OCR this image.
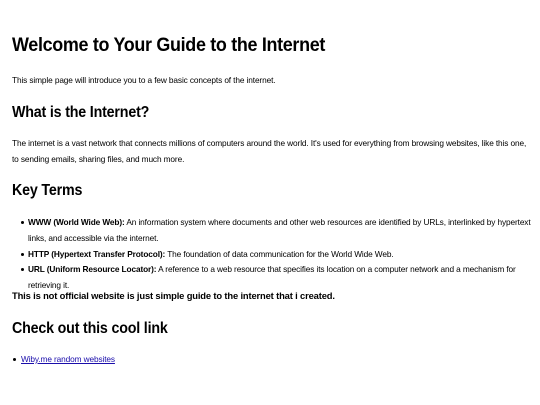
Welcome to Your Guide to the Internet

This simple page will introduce you to a few basic concepts of the internet.

What is the Internet?

The internet is a vast network that connects millions of computers around the world. It's used for everything from browsing websites, like this one, to sending emails, sharing files, and much more.

Key Terms
WWW (World Wide Web): An information system where documents and other web resources are identified by URLs, interlinked by hypertext links, and accessible via the internet.
HTTP (Hypertext Transfer Protocol): The foundation of data communication for the World Wide Web.
URL (Uniform Resource Locator): A reference to a web resource that specifies its location on a computer network and a mechanism for retrieving it.

This is not official website is just simple guide to the internet that i created.

Check out this cool link
Wiby.me random websites
